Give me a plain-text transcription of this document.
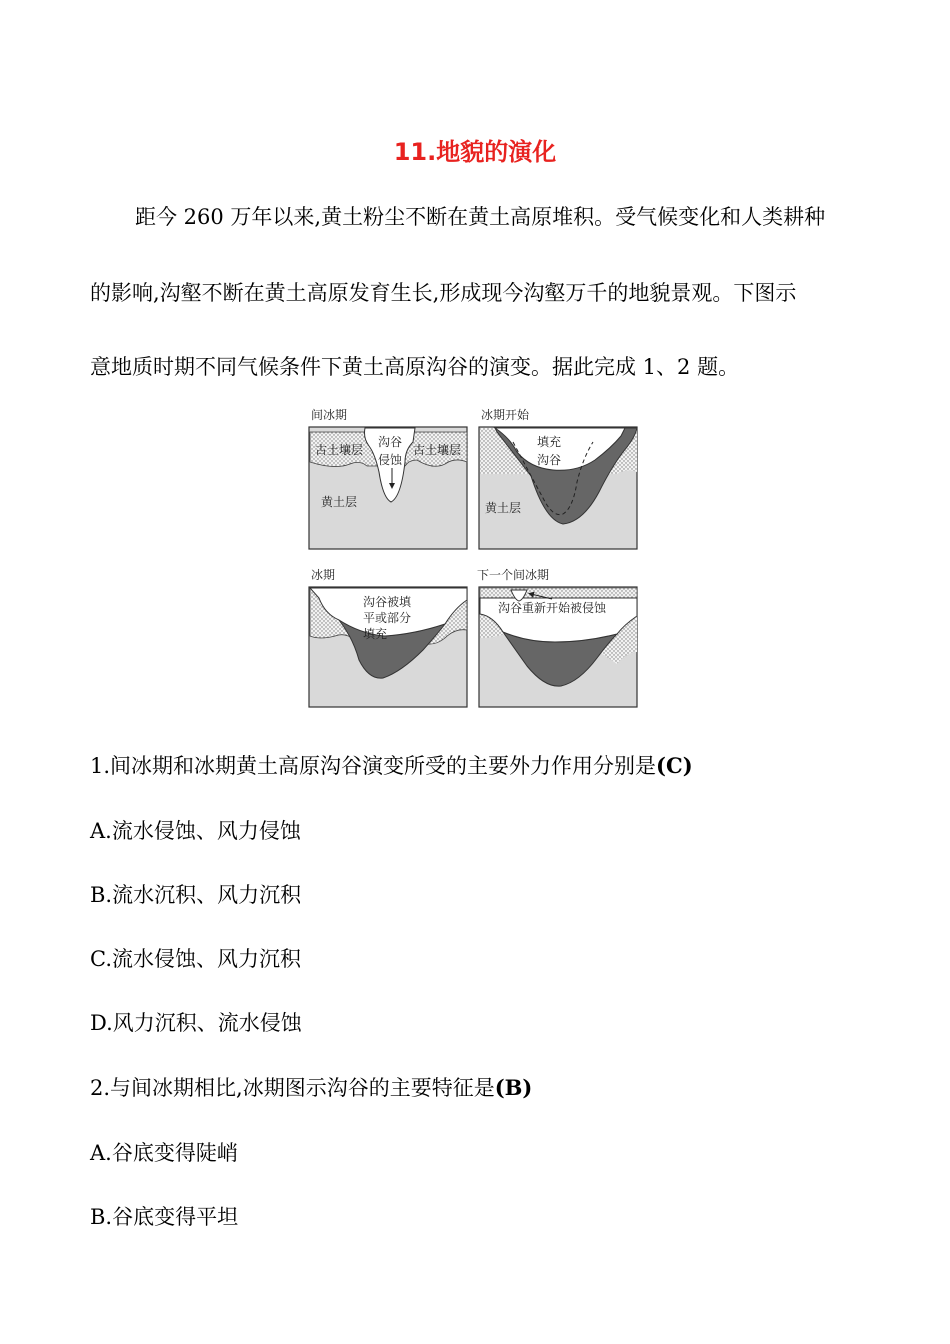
11.地貌的演化
距今 260 万年以来,黄土粉尘不断在黄土高原堆积。受气候变化和人类耕种
的影响,沟壑不断在黄土高原发育生长,形成现今沟壑万千的地貌景观。下图示
意地质时期不同气候条件下黄土高原沟谷的演变。据此完成 1、2 题。
间冰期
古土壤层
沟谷
侵蚀
古土壤层
黄土层
冰期开始
填充
沟谷
黄土层
冰期
沟谷被填
平或部分
填充
下一个间冰期
沟谷重新开始被侵蚀
1.间冰期和冰期黄土高原沟谷演变所受的主要外力作用分别是(C)
A.流水侵蚀、风力侵蚀
B.流水沉积、风力沉积
C.流水侵蚀、风力沉积
D.风力沉积、流水侵蚀
2.与间冰期相比,冰期图示沟谷的主要特征是(B)
A.谷底变得陡峭
B.谷底变得平坦
